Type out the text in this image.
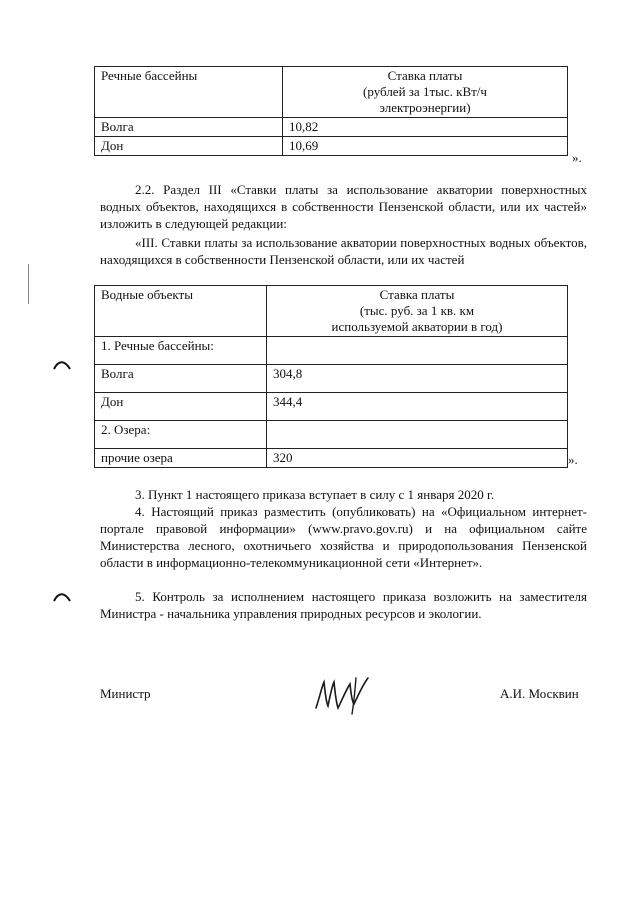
Речные бассейны	Ставка платы
(рублей за 1тыс. кВт/ч
электроэнергии)

Волга	10,82
Дон	10,69
».

2.2. Раздел III «Ставки платы за использование акватории поверхностных водных объектов, находящихся в собственности Пензенской области, или их частей» изложить в следующей редакции:

«III. Ставки платы за использование акватории поверхностных водных объектов, находящихся в собственности Пензенской области, или их частей

Водные объекты	Ставка платы
(тыс. руб. за 1 кв. км
используемой акватории в год)

1. Речные бассейны:	
Волга	304,8
Дон	344,4
2. Озера:	
прочие озера	320	».

3. Пункт 1 настоящего приказа вступает в силу с 1 января 2020 г.

4. Настоящий приказ разместить (опубликовать) на «Официальном интернет-портале правовой информации» (www.pravo.gov.ru) и на официальном сайте Министерства лесного, охотничьего хозяйства и природопользования Пензенской области в информационно-телекоммуникационной сети «Интернет».

5. Контроль за исполнением настоящего приказа возложить на заместителя Министра - начальника управления природных ресурсов и экологии.

Министр	А.И. Москвин
